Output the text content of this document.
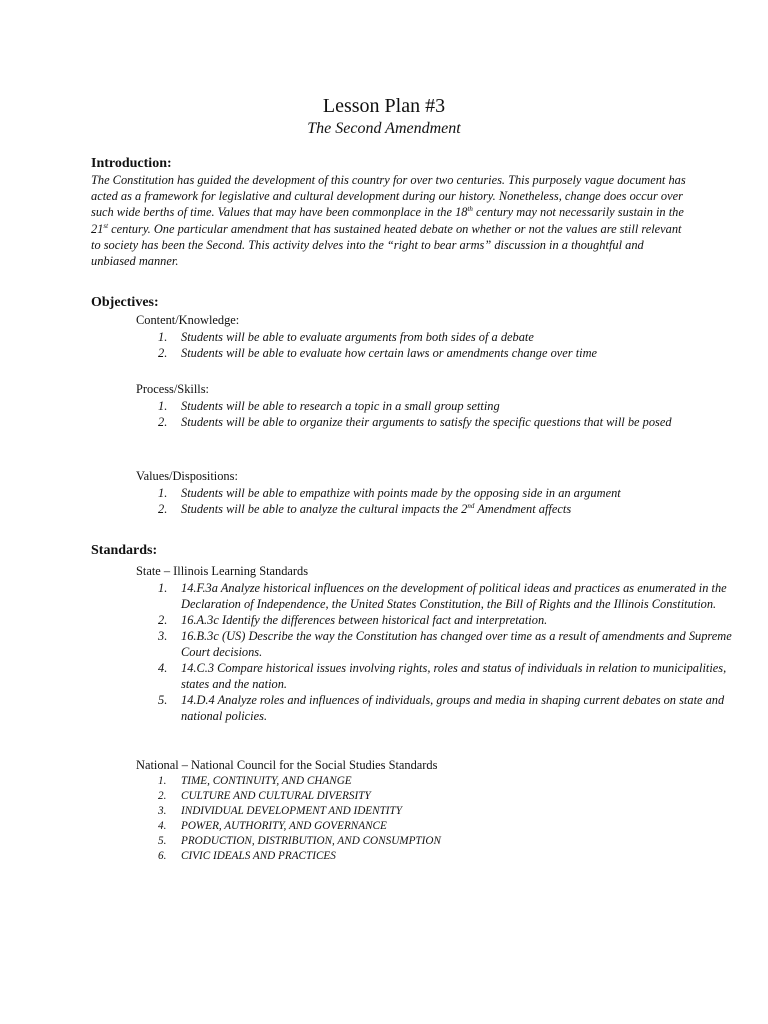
Lesson Plan #3
The Second Amendment

Introduction:

The Constitution has guided the development of this country for over two centuries. This purposely vague document has acted as a framework for legislative and cultural development during our history. Nonetheless, change does occur over such wide berths of time. Values that may have been commonplace in the 18th century may not necessarily sustain in the 21st century. One particular amendment that has sustained heated debate on whether or not the values are still relevant to society has been the Second. This activity delves into the “right to bear arms” discussion in a thoughtful and unbiased manner.

Objectives:

Content/Knowledge:

1. Students will be able to evaluate arguments from both sides of a debate
2. Students will be able to evaluate how certain laws or amendments change over time

Process/Skills:

1. Students will be able to research a topic in a small group setting
2. Students will be able to organize their arguments to satisfy the specific questions that will be posed

Values/Dispositions:

1. Students will be able to empathize with points made by the opposing side in an argument
2. Students will be able to analyze the cultural impacts the 2nd Amendment affects

Standards:

State – Illinois Learning Standards

1. 14.F.3a Analyze historical influences on the development of political ideas and practices as enumerated in the Declaration of Independence, the United States Constitution, the Bill of Rights and the Illinois Constitution.
2. 16.A.3c Identify the differences between historical fact and interpretation.
3. 16.B.3c (US) Describe the way the Constitution has changed over time as a result of amendments and Supreme Court decisions.
4. 14.C.3 Compare historical issues involving rights, roles and status of individuals in relation to municipalities, states and the nation.
5. 14.D.4 Analyze roles and influences of individuals, groups and media in shaping current debates on state and national policies.

National – National Council for the Social Studies Standards

1. TIME, CONTINUITY, AND CHANGE
2. CULTURE AND CULTURAL DIVERSITY
3. INDIVIDUAL DEVELOPMENT AND IDENTITY
4. POWER, AUTHORITY, AND GOVERNANCE
5. PRODUCTION, DISTRIBUTION, AND CONSUMPTION
6. CIVIC IDEALS AND PRACTICES
